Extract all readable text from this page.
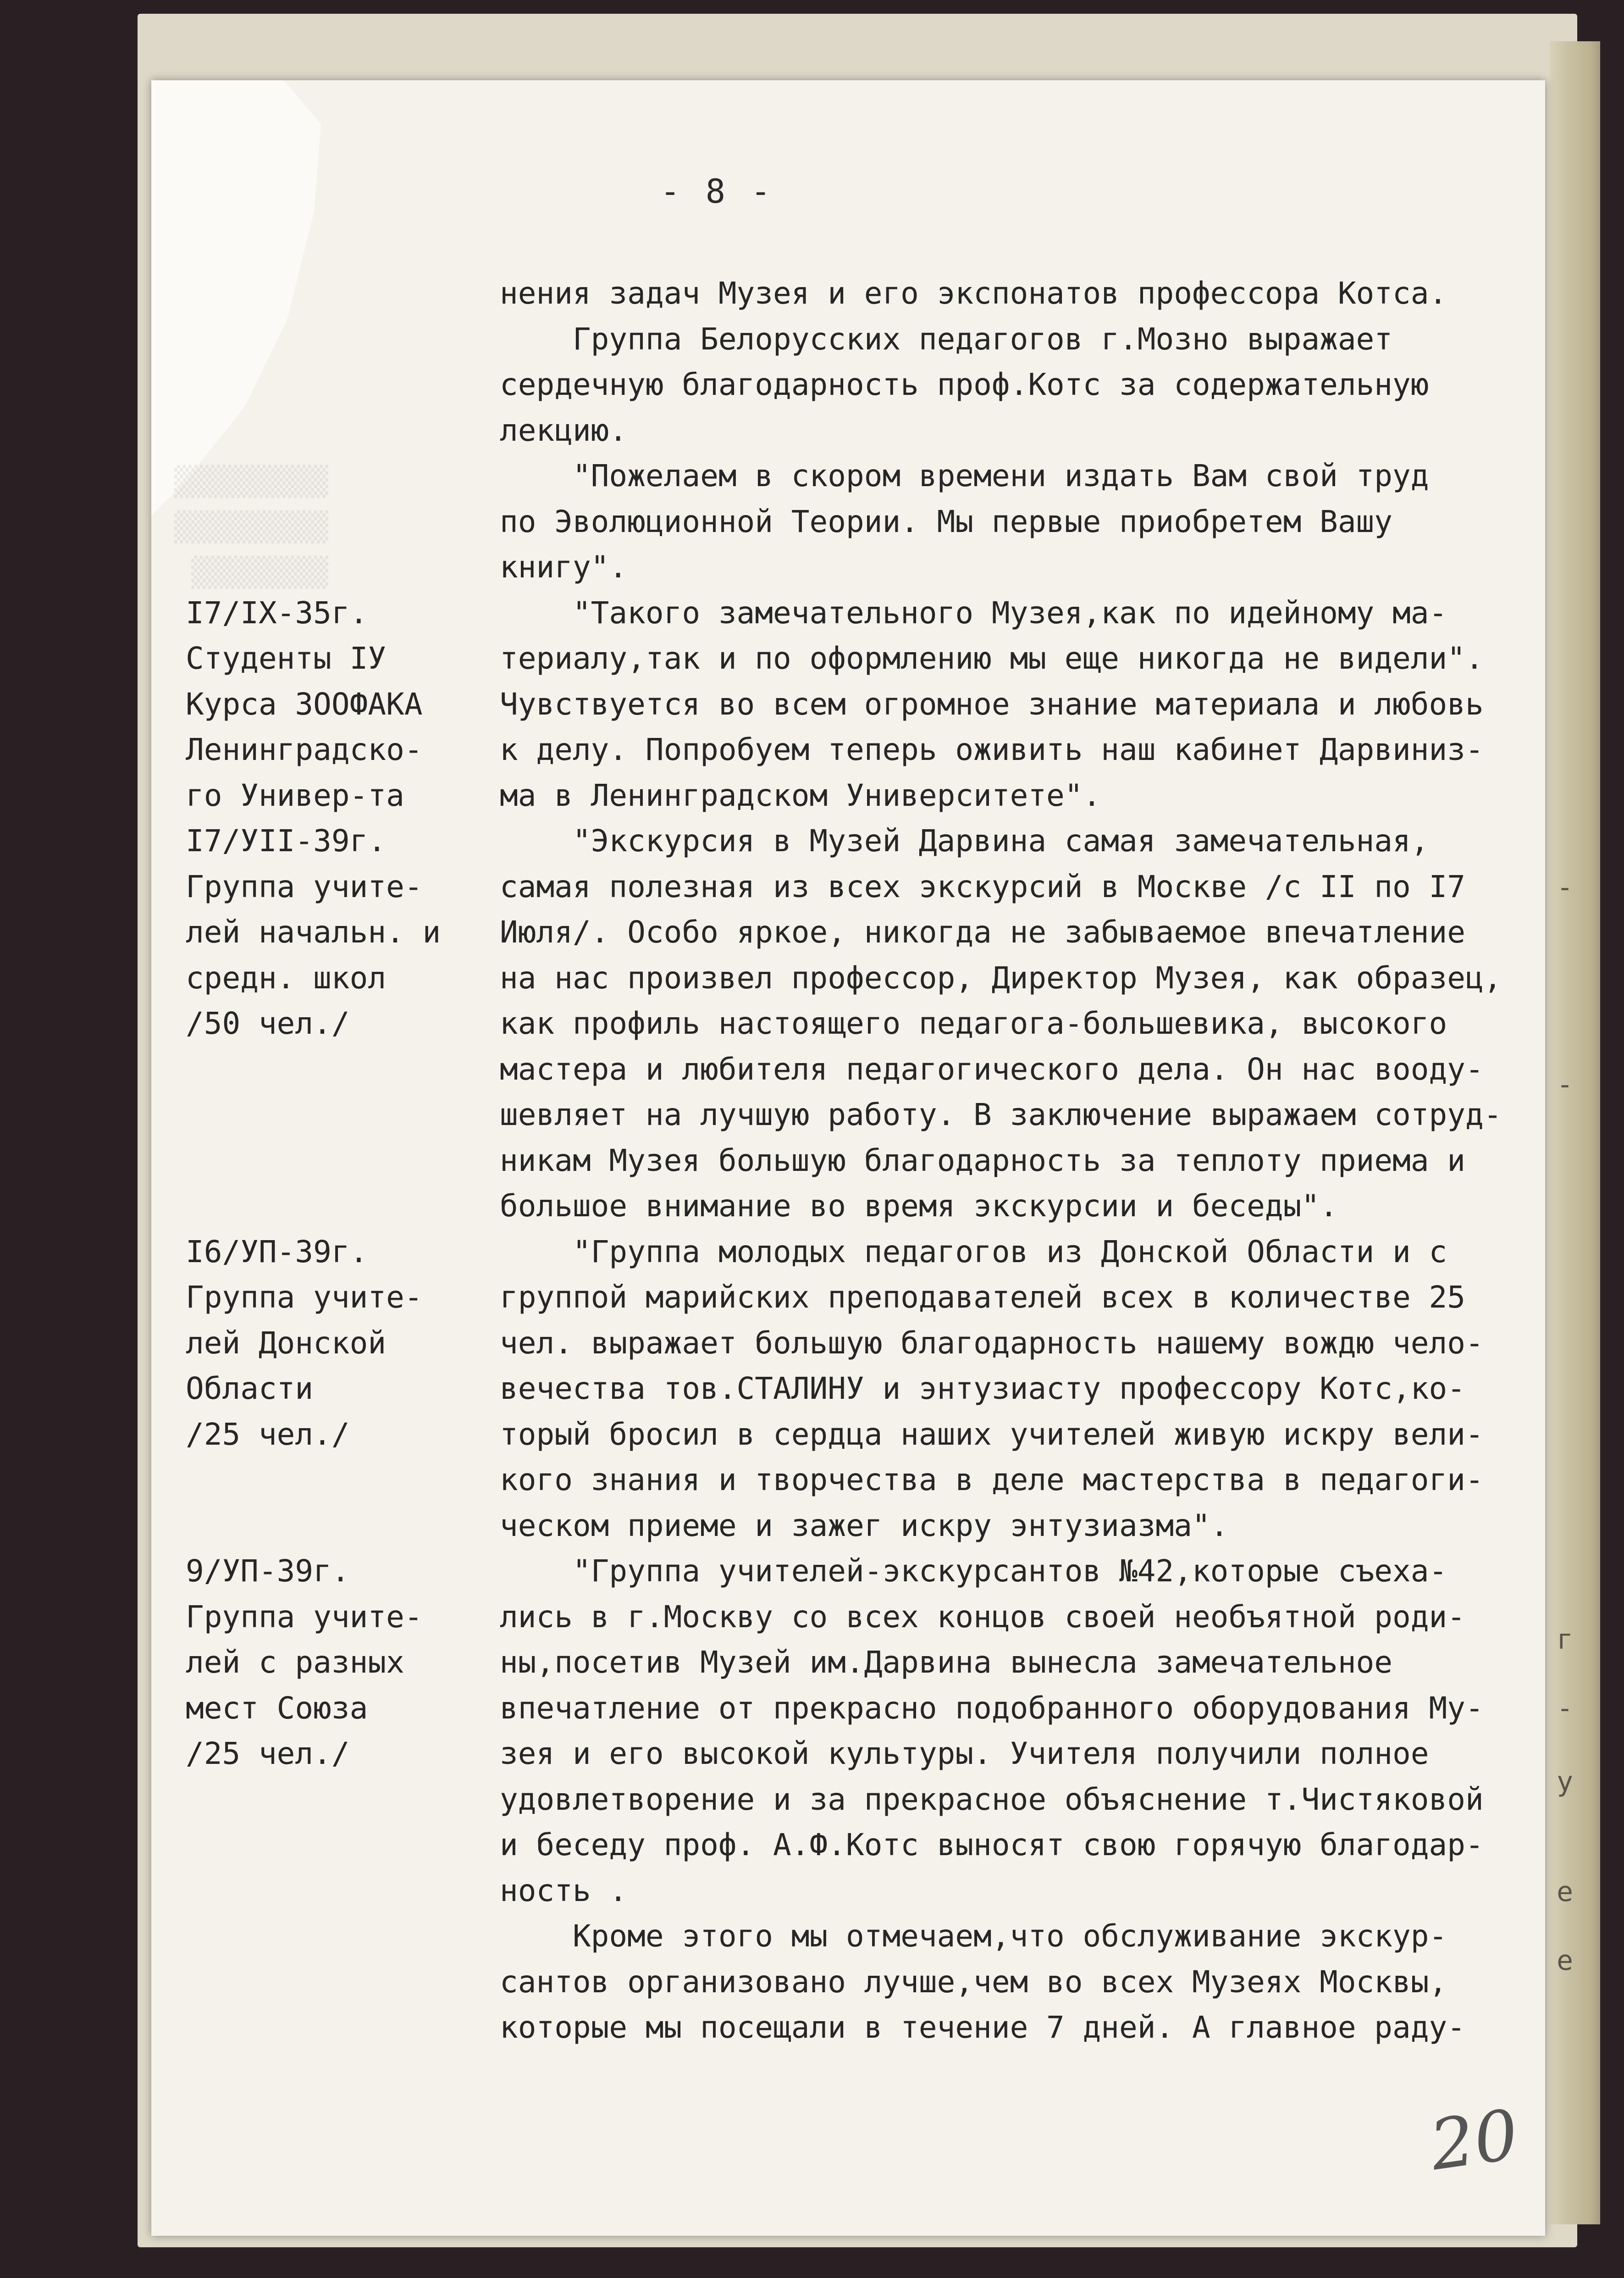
▒▒▒▒▒▒▒▒▒
▒▒▒▒▒▒▒▒▒
▒▒▒▒▒▒▒▒
- 8 -
нения задач Музея и его экспонатов профессора Котса.
Группа Белорусских педагогов г.Мозно выражает
сердечную благодарность проф.Котс за содержательную
лекцию.
"Пожелаем в скором времени издать Вам свой труд
по Эволюционной Теории. Мы первые приобретем Вашу
книгу".
"Такого замечательного Музея,как по идейному ма-
териалу,так и по оформлению мы еще никогда не видели".
Чувствуется во всем огромное знание материала и любовь
к делу. Попробуем теперь оживить наш кабинет Дарвиниз-
ма в Ленинградском Университете".
"Экскурсия в Музей Дарвина самая замечательная,
самая полезная из всех экскурсий в Москве /с II по I7
Июля/. Особо яркое, никогда не забываемое впечатление
на нас произвел профессор, Директор Музея, как образец,
как профиль настоящего педагога-большевика, высокого
мастера и любителя педагогического дела. Он нас вооду-
шевляет на лучшую работу. В заключение выражаем сотруд-
никам Музея большую благодарность за теплоту приема и
большое внимание во время экскурсии и беседы".
"Группа молодых педагогов из Донской Области и с
группой марийских преподавателей всех в количестве 25
чел. выражает большую благодарность нашему вождю чело-
вечества тов.СТАЛИНУ и энтузиасту профессору Котс,ко-
торый бросил в сердца наших учителей живую искру вели-
кого знания и творчества в деле мастерства в педагоги-
ческом приеме и зажег искру энтузиазма".
"Группа учителей-экскурсантов №42,которые съеха-
лись в г.Москву со всех концов своей необъятной роди-
ны,посетив Музей им.Дарвина вынесла замечательное
впечатление от прекрасно подобранного оборудования Му-
зея и его высокой культуры. Учителя получили полное
удовлетворение и за прекрасное объяснение т.Чистяковой
и беседу проф. А.Ф.Котс выносят свою горячую благодар-
ность .
Кроме этого мы отмечаем,что обслуживание экскур-
сантов организовано лучше,чем во всех Музеях Москвы,
которые мы посещали в течение 7 дней. А главное раду-
I7/IX-35г.
Студенты IУ
Курса ЗООФАКА
Ленинградско-
го Универ-та
I7/УII-39г.
Группа учите-
лей начальн. и
средн. школ
/50 чел./
I6/УП-39г.
Группа учите-
лей Донской
Области
/25 чел./
9/УП-39г.
Группа учите-
лей с разных
мест Союза
/25 чел./
-
-
г
-
у
е
е
20
